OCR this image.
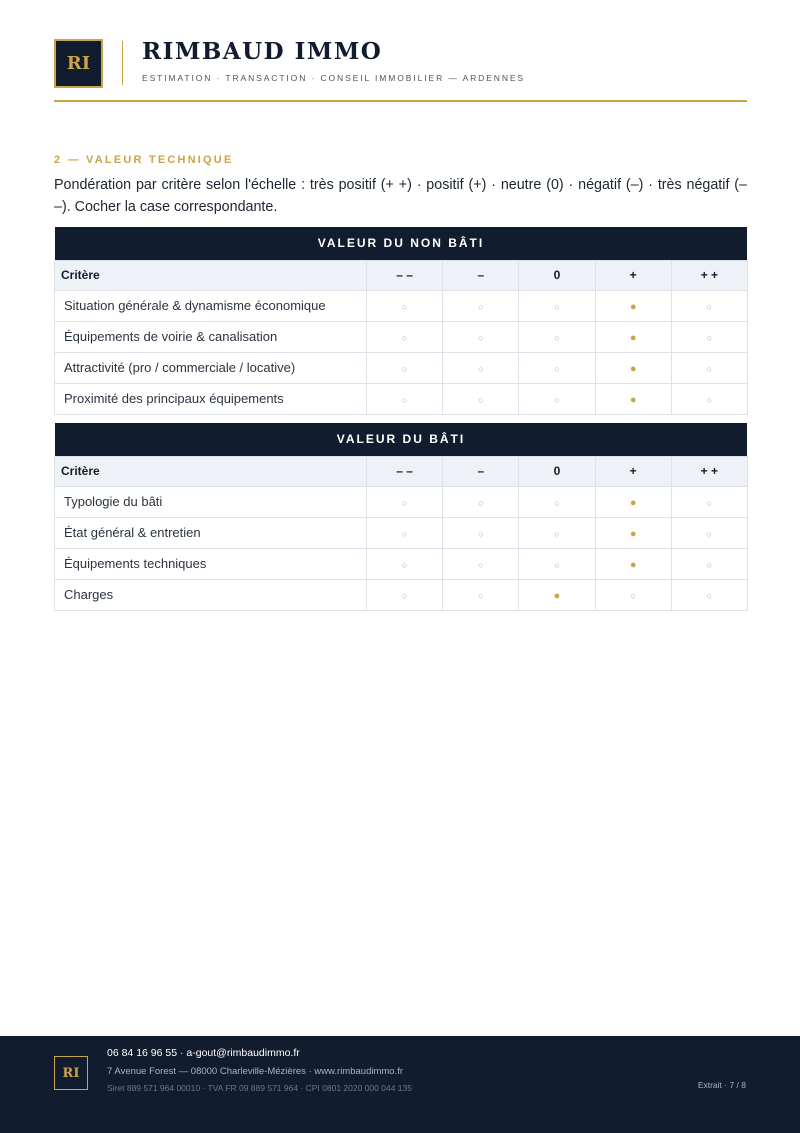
RI	RIMBAUD IMMO
ESTIMATION · TRANSACTION · CONSEIL IMMOBILIER — ARDENNES
2 — VALEUR TECHNIQUE
Pondération par critère selon l'échelle : très positif (+ +) · positif (+) · neutre (0) · négatif (–) · très négatif (– –). Cocher la case correspondante.
VALEUR DU NON BÂTI					
Critère	– –	–	0	+	+ +
Situation générale & dynamisme économique	○	○	○	●	○
Équipements de voirie & canalisation	○	○	○	●	○
Attractivité (pro / commerciale / locative)	○	○	○	●	○
Proximité des principaux équipements	○	○	○	●	○
VALEUR DU BÂTI					
Critère	– –	–	0	+	+ +
Typologie du bâti	○	○	○	●	○
État général & entretien	○	○	○	●	○
Équipements techniques	○	○	○	●	○
Charges	○	○	●	○	○
RI
06 84 16 96 55 · a-gout@rimbaudimmo.fr
7 Avenue Forest — 08000 Charleville-Mézières · www.rimbaudimmo.fr
Siret 889 571 964 00010 · TVA FR 09 889 571 964 · CPI 0801 2020 000 044 135	Extrait · 7 / 8
